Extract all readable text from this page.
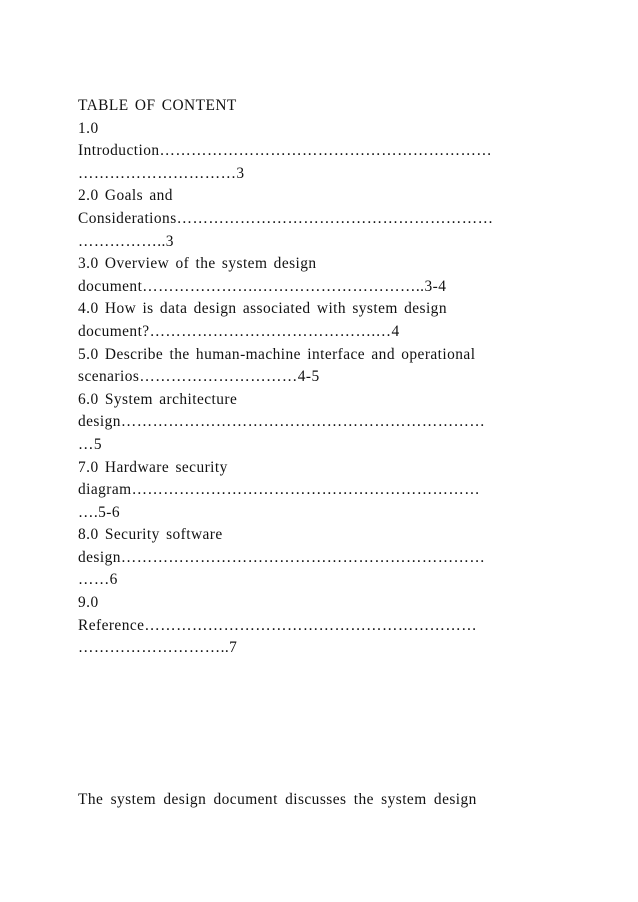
TABLE OF CONTENT
1.0
Introduction………………………………………………………
…………………………3
2.0 Goals and
Considerations……………………………………………………
……………..3
3.0 Overview of the system design
document………………….…………………………..3-4
4.0 How is data design associated with system design
document?…………………………………….…4
5.0 Describe the human-machine interface and operational
scenarios…………………………4-5
6.0 System architecture
design……………………………………………………………
…5
7.0 Hardware security
diagram…………………………………………………………
….5-6
8.0 Security software
design……………………………………………………………
……6
9.0
Reference………………………………………………………
………………………..7
The system design document discusses the system design
